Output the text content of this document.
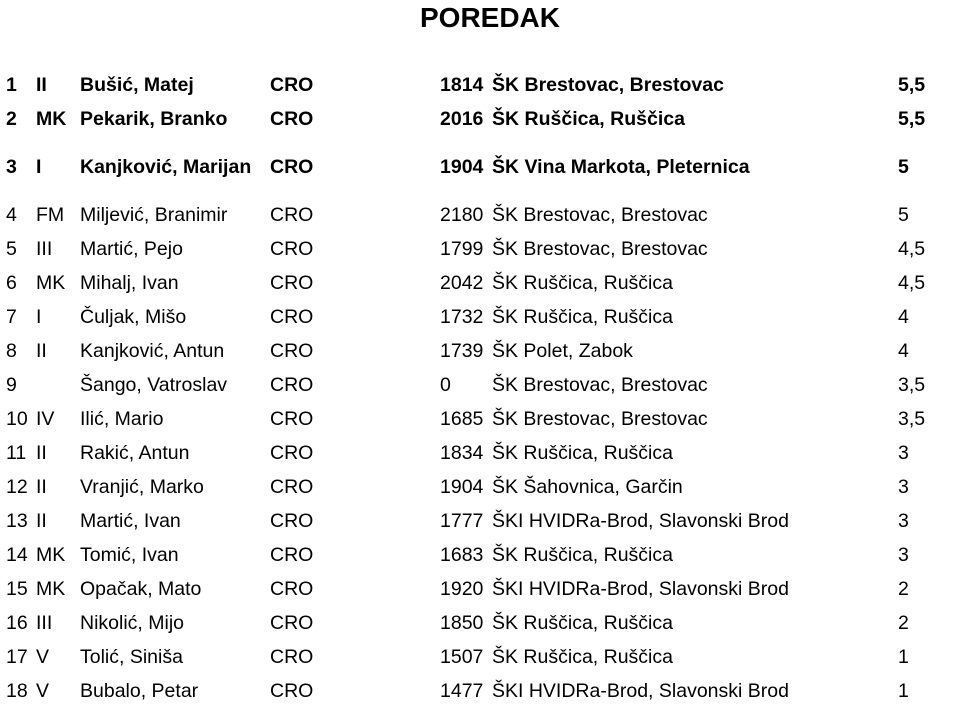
POREDAK
1	II	Bušić, Matej	CRO	1814	ŠK Brestovac, Brestovac	5,5
2	MK	Pekarik, Branko	CRO	2016	ŠK Ruščica, Ruščica	5,5
3	I	Kanjković, Marijan	CRO	1904	ŠK Vina Markota, Pleternica	5
4	FM	Miljević, Branimir	CRO	2180	ŠK Brestovac, Brestovac	5
5	III	Martić, Pejo	CRO	1799	ŠK Brestovac, Brestovac	4,5
6	MK	Mihalj, Ivan	CRO	2042	ŠK Ruščica, Ruščica	4,5
7	I	Čuljak, Mišo	CRO	1732	ŠK Ruščica, Ruščica	4
8	II	Kanjković, Antun	CRO	1739	ŠK Polet, Zabok	4
9		Šango, Vatroslav	CRO	0	ŠK Brestovac, Brestovac	3,5
10	IV	Ilić, Mario	CRO	1685	ŠK Brestovac, Brestovac	3,5
11	II	Rakić, Antun	CRO	1834	ŠK Ruščica, Ruščica	3
12	II	Vranjić, Marko	CRO	1904	ŠK Šahovnica, Garčin	3
13	II	Martić, Ivan	CRO	1777	ŠKI HVIDRa-Brod, Slavonski Brod	3
14	MK	Tomić, Ivan	CRO	1683	ŠK Ruščica, Ruščica	3
15	MK	Opačak, Mato	CRO	1920	ŠKI HVIDRa-Brod, Slavonski Brod	2
16	III	Nikolić, Mijo	CRO	1850	ŠK Ruščica, Ruščica	2
17	V	Tolić, Siniša	CRO	1507	ŠK Ruščica, Ruščica	1
18	V	Bubalo, Petar	CRO	1477	ŠKI HVIDRa-Brod, Slavonski Brod	1
